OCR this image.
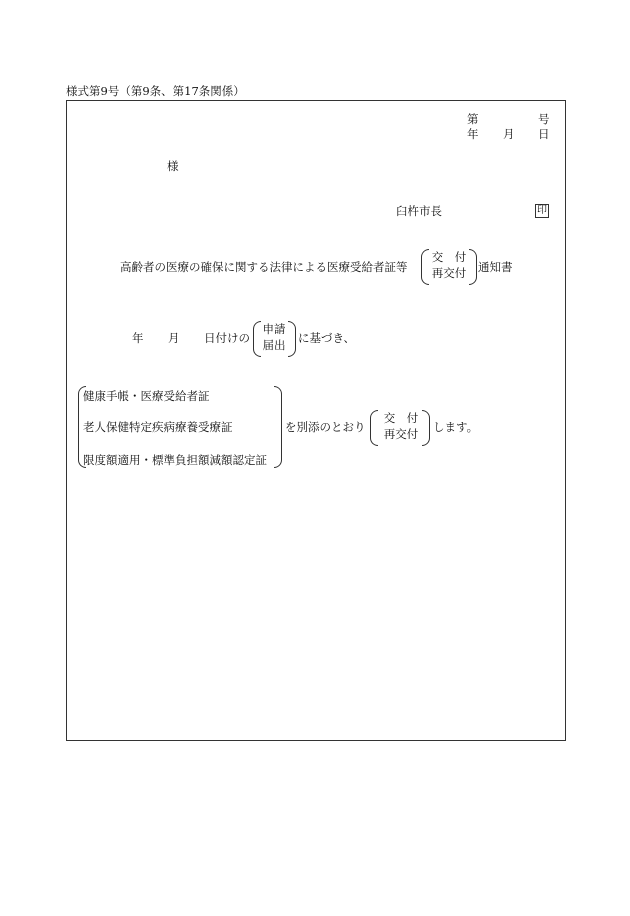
様式第9号（第9条、第17条関係）
第	号
年 月 日
様
臼杵市長	印
高齢者の医療の確保に関する法律による医療受給者証等
交　付
再交付	通知書
年 月 日付けの
申請
届出	に基づき、
健康手帳・医療受給者証
老人保健特定疾病療養受療証
限度額適用・標準負担額減額認定証
を別添のとおり
交　付
再交付	します。
